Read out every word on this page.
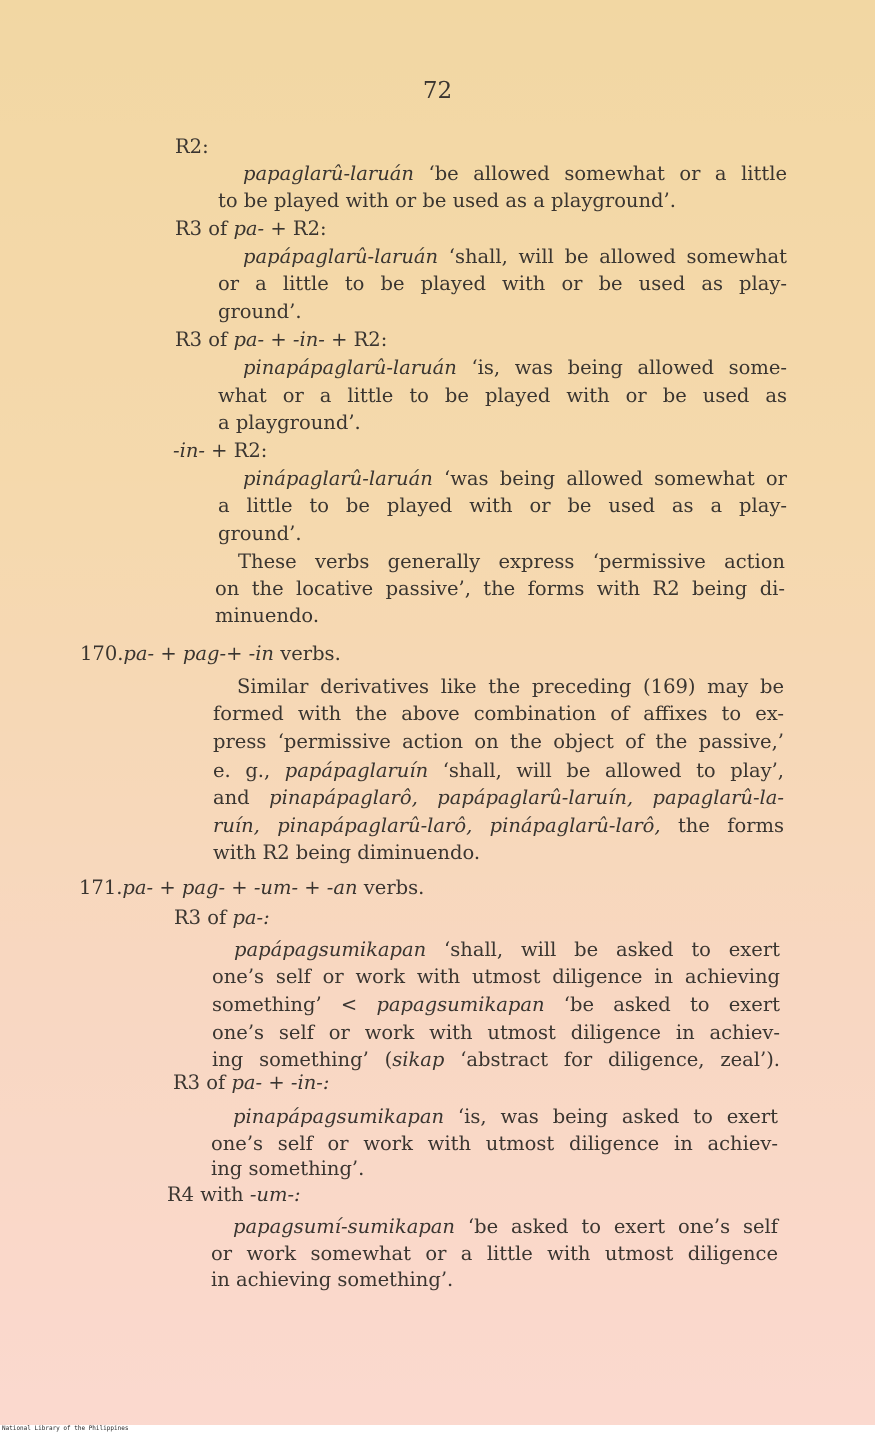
72
R2:
papaglarû-laruán ‘be allowed somewhat or a little
to be played with or be used as a playground’.
R3 of pa- + R2:
papápaglarû-laruán ‘shall, will be allowed somewhat
or a little to be played with or be used as play-
ground’.
R3 of pa- + -in- + R2:
pinapápaglarû-laruán ‘is, was being allowed some-
what or a little to be played with or be used as
a playground’.
-in- + R2:
pinápaglarû-laruán ‘was being allowed somewhat or
a little to be played with or be used as a play-
ground’.
These verbs generally express ‘permissive action
on the locative passive’, the forms with R2 being di-
minuendo.
170.pa- + pag-+ -in verbs.
Similar derivatives like the preceding (169) may be
formed with the above combination of affixes to ex-
press ‘permissive action on the object of the passive,’
e. g., papápaglaruín ‘shall, will be allowed to play’,
and pinapápaglarô, papápaglarû-laruín, papaglarû-la-
ruín, pinapápaglarû-larô, pinápaglarû-larô, the forms
with R2 being diminuendo.
171.pa- + pag- + -um- + -an verbs.
R3 of pa-:
papápagsumikapan ‘shall, will be asked to exert
one’s self or work with utmost diligence in achieving
something’ < papagsumikapan ‘be asked to exert
one’s self or work with utmost diligence in achiev-
ing something’ (sikap ‘abstract for diligence, zeal’).
R3 of pa- + -in-:
pinapápagsumikapan ‘is, was being asked to exert
one’s self or work with utmost diligence in achiev-
ing something’.
R4 with -um-:
papagsumí-sumikapan ‘be asked to exert one’s self
or work somewhat or a little with utmost diligence
in achieving something’.
National Library of the Philippines
